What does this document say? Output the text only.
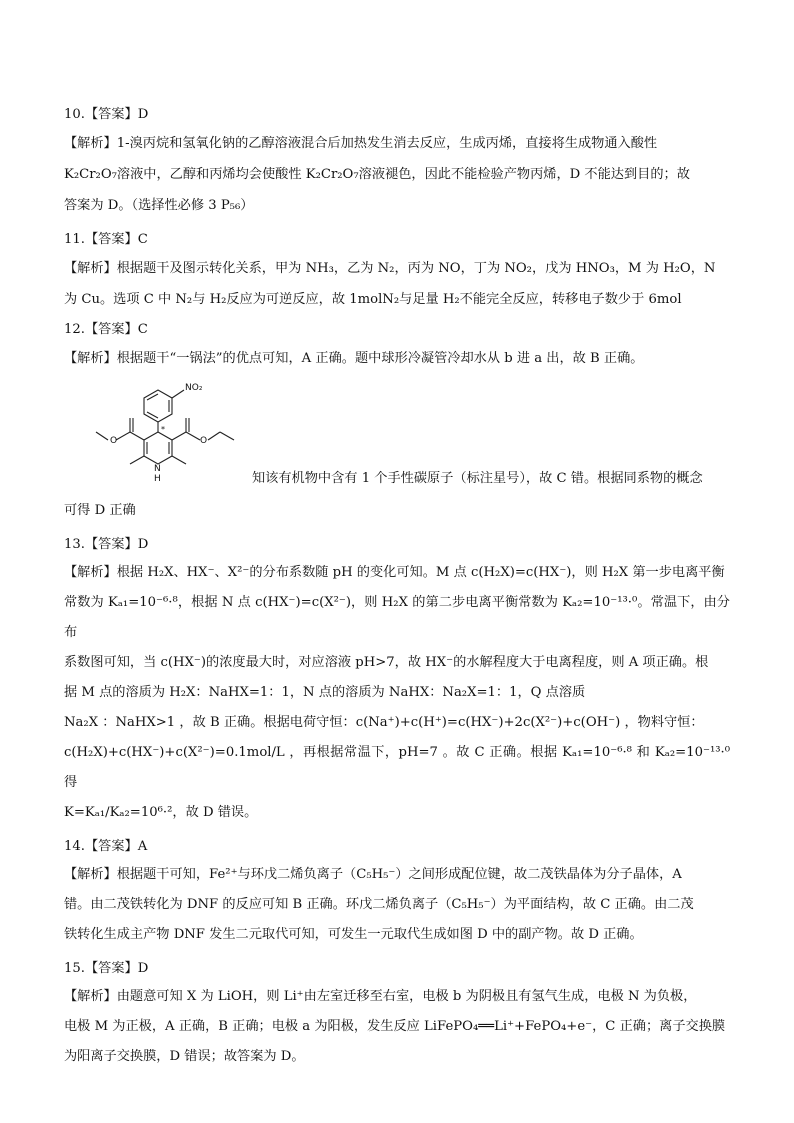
10.【答案】D
【解析】1-溴丙烷和氢氧化钠的乙醇溶液混合后加热发生消去反应，生成丙烯，直接将生成物通入酸性
K₂Cr₂O₇溶液中，乙醇和丙烯均会使酸性 K₂Cr₂O₇溶液褪色，因此不能检验产物丙烯，D 不能达到目的；故
答案为 D。（选择性必修 3 P₅₆）
11.【答案】C
【解析】根据题干及图示转化关系，甲为 NH₃，乙为 N₂，丙为 NO，丁为 NO₂，戊为 HNO₃，M 为 H₂O，N
为 Cu。选项 C 中 N₂与 H₂反应为可逆反应，故 1molN₂与足量 H₂不能完全反应，转移电子数少于 6mol
12.【答案】C
【解析】根据题干“一锅法”的优点可知，A 正确。题中球形冷凝管冷却水从 b 进 a 出，故 B 正确。
NO₂
O	O
N
H
*
知该有机物中含有 1 个手性碳原子（标注星号），故 C 错。根据同系物的概念
可得 D 正确
13.【答案】D
【解析】根据 H₂X、HX⁻、X²⁻的分布系数随 pH 的变化可知。M 点 c(H₂X)=c(HX⁻)，则 H₂X 第一步电离平衡
常数为 Kₐ₁=10⁻⁶·⁸，根据 N 点 c(HX⁻)=c(X²⁻)，则 H₂X 的第二步电离平衡常数为 Kₐ₂=10⁻¹³·⁰。常温下，由分布
系数图可知，当 c(HX⁻)的浓度最大时，对应溶液 pH>7，故 HX⁻的水解程度大于电离程度，则 A 项正确。根
据 M 点的溶质为 H₂X：NaHX=1：1，N 点的溶质为 NaHX：Na₂X=1：1，Q 点溶质
Na₂X ：NaHX>1 ，故 B 正确。根据电荷守恒：c(Na⁺)+c(H⁺)=c(HX⁻)+2c(X²⁻)+c(OH⁻) ，物料守恒：
c(H₂X)+c(HX⁻)+c(X²⁻)=0.1mol/L ，再根据常温下，pH=7 。故 C 正确。根据 Kₐ₁=10⁻⁶·⁸ 和 Kₐ₂=10⁻¹³·⁰ 得
K=Kₐ₁/Kₐ₂=10⁶·²，故 D 错误。
14.【答案】A
【解析】根据题干可知，Fe²⁺与环戊二烯负离子（C₅H₅⁻）之间形成配位键，故二茂铁晶体为分子晶体，A
错。由二茂铁转化为 DNF 的反应可知 B 正确。环戊二烯负离子（C₅H₅⁻）为平面结构，故 C 正确。由二茂
铁转化生成主产物 DNF 发生二元取代可知，可发生一元取代生成如图 D 中的副产物。故 D 正确。
15.【答案】D
【解析】由题意可知 X 为 LiOH，则 Li⁺由左室迁移至右室，电极 b 为阴极且有氢气生成，电极 N 为负极，
电极 M 为正极，A 正确，B 正确；电极 a 为阳极，发生反应 LiFePO₄══Li⁺+FePO₄+e⁻，C 正确；离子交换膜
为阳离子交换膜，D 错误；故答案为 D。
